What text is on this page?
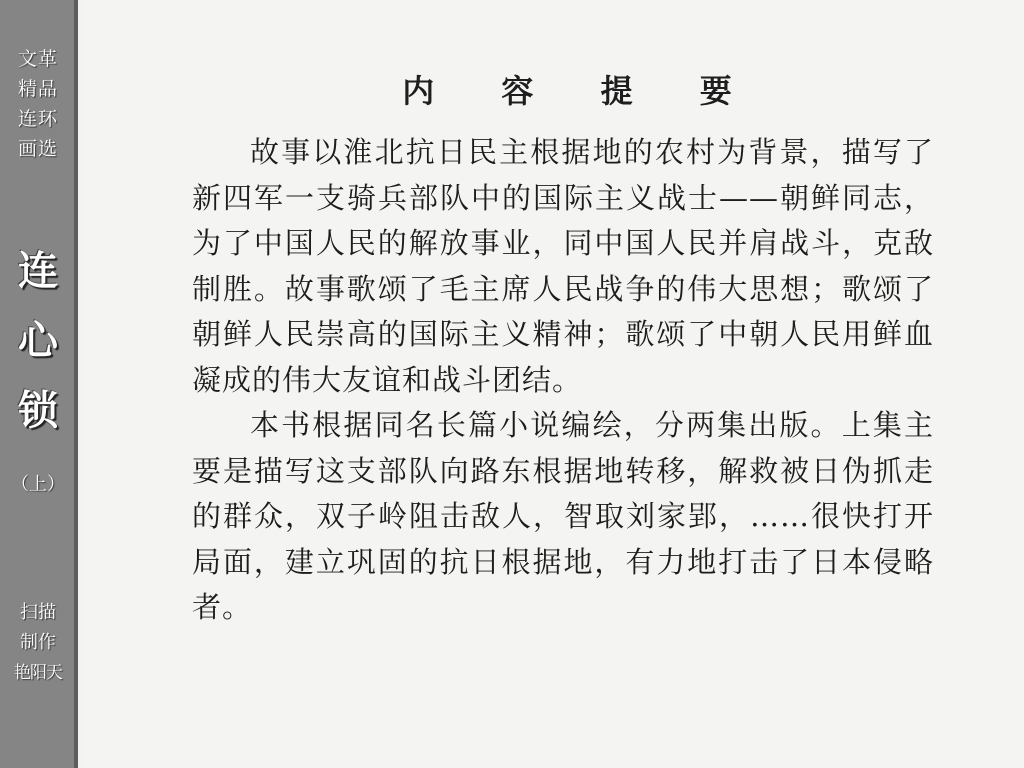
文革
精品
连环
画选
连
心
锁
（上）
扫描
制作
艳阳天
内 容 提 要

故事以淮北抗日民主根据地的农村为背景，描写了新四军一支骑兵部队中的国际主义战士——朝鲜同志，为了中国人民的解放事业，同中国人民并肩战斗，克敌制胜。故事歌颂了毛主席人民战争的伟大思想；歌颂了朝鲜人民崇高的国际主义精神；歌颂了中朝人民用鲜血凝成的伟大友谊和战斗团结。

本书根据同名长篇小说编绘，分两集出版。上集主要是描写这支部队向路东根据地转移，解救被日伪抓走的群众，双子岭阻击敌人，智取刘家郢，……很快打开局面，建立巩固的抗日根据地，有力地打击了日本侵略者。
